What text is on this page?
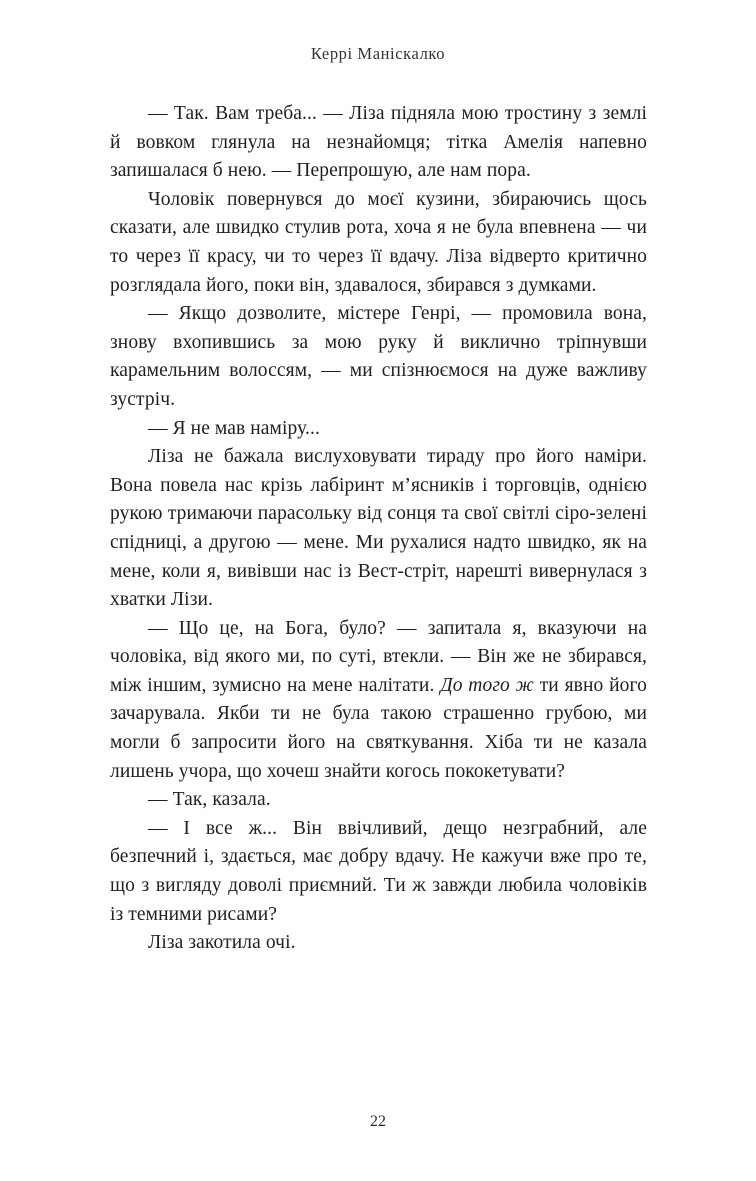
Керрі Маніскалко

— Так. Вам треба... — Ліза підняла мою тростину з землі й вовком глянула на незнайомця; тітка Амелія напевно запишалася б нею. — Перепрошую, але нам пора.

Чоловік повернувся до моєї кузини, збираючись щось сказати, але швидко стулив рота, хоча я не була впевнена — чи то через її красу, чи то через її вдачу. Ліза відверто критично розглядала його, поки він, здавалося, збирався з думками.

— Якщо дозволите, містере Генрі, — промовила вона, знову вхопившись за мою руку й виклично тріпнувши карамельним волоссям, — ми спізнюємося на дуже важливу зустріч.

— Я не мав наміру...

Ліза не бажала вислуховувати тираду про його наміри. Вона повела нас крізь лабіринт м’ясників і торговців, однією рукою тримаючи парасольку від сонця та свої світлі сіро-зелені спідниці, а другою — мене. Ми рухалися надто швидко, як на мене, коли я, вивівши нас із Вест-стріт, нарешті вивернулася з хватки Лізи.

— Що це, на Бога, було? — запитала я, вказуючи на чоловіка, від якого ми, по суті, втекли. — Він же не збирався, між іншим, зумисно на мене налітати. До того ж ти явно його зачарувала. Якби ти не була такою страшенно грубою, ми могли б запросити його на святкування. Хіба ти не казала лишень учора, що хочеш знайти когось пококетувати?

— Так, казала.

— І все ж... Він ввічливий, дещо незграбний, але безпечний і, здається, має добру вдачу. Не кажучи вже про те, що з вигляду доволі приємний. Ти ж завжди любила чоловіків із темними рисами?

Ліза закотила очі.

22
